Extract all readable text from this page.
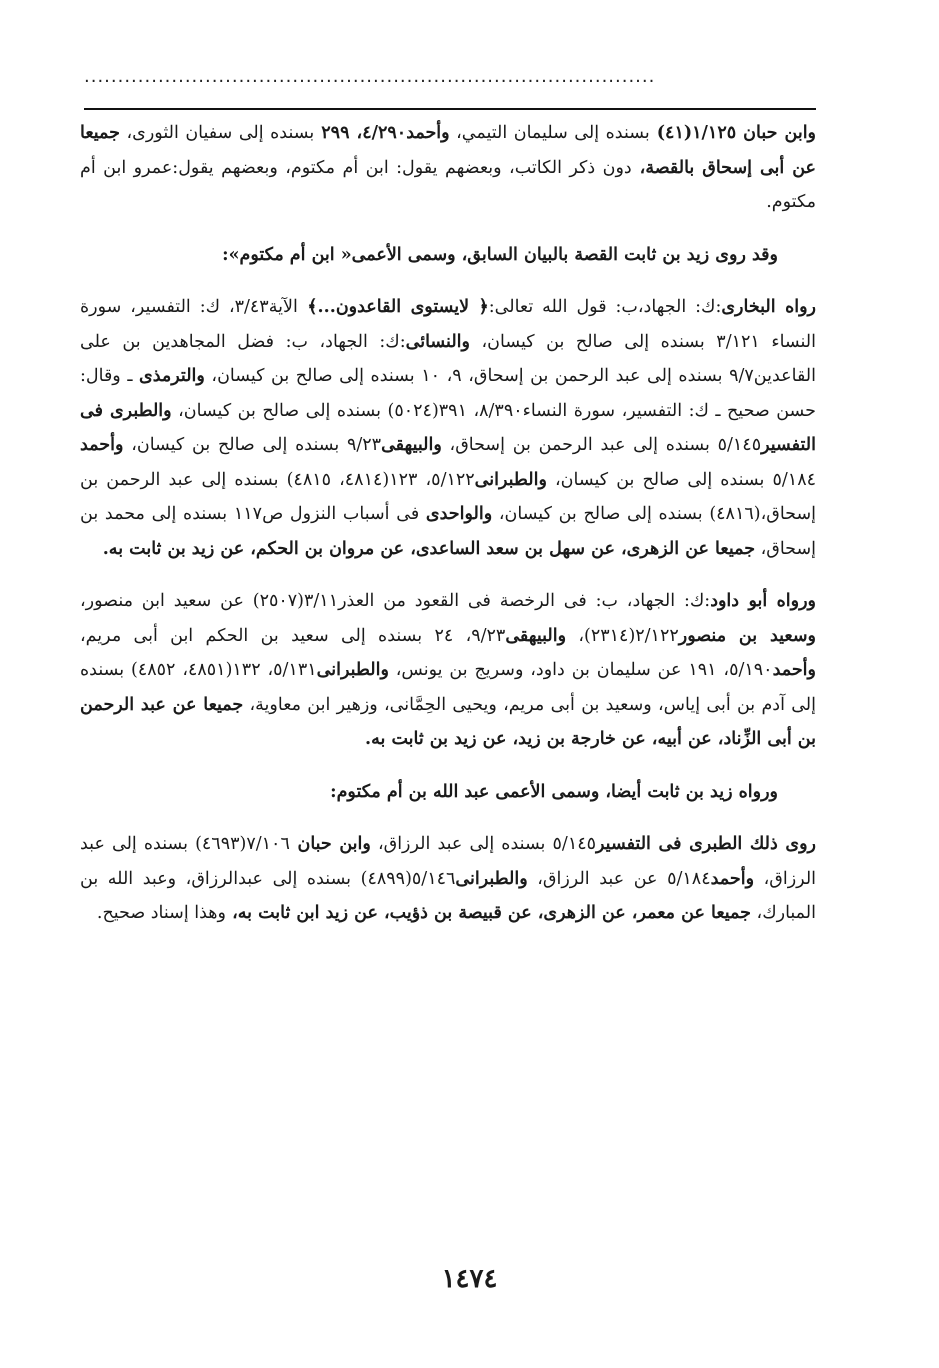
.....................................................................................

وابن حبان ١/١٢٥(٤١) بسنده إلى سليمان التيمي، وأحمد٤/٢٩٠، ٢٩٩ بسنده إلى سفيان الثورى، جميعا عن أبى إسحاق بالقصة، دون ذكر الكاتب، وبعضهم يقول: ابن أم مكتوم، وبعضهم يقول:عمرو ابن أم مكتوم.

وقد روى زيد بن ثابت القصة بالبيان السابق، وسمى الأعمى« ابن أم مكتوم»:

رواه البخارى:ك: الجهاد،ب: قول الله تعالى:﴿ لايستوى القاعدون...﴾ الآية٣/٤٣، ك: التفسير، سورة النساء ٣/١٢١ بسنده إلى صالح بن كيسان، والنسائى:ك: الجهاد، ب: فضل المجاهدين بن على القاعدين٩/٧ بسنده إلى عبد الرحمن بن إسحاق، ٩، ١٠ بسنده إلى صالح بن كيسان، والترمذى ـ وقال: حسن صحيح ـ ك: التفسير، سورة النساء٨/٣٩٠، ٣٩١(٥٠٢٤) بسنده إلى صالح بن كيسان، والطبرى فى التفسير٥/١٤٥ بسنده إلى عبد الرحمن بن إسحاق، والبيهقى٩/٢٣ بسنده إلى صالح بن كيسان، وأحمد ٥/١٨٤ بسنده إلى صالح بن كيسان، والطبرانى٥/١٢٢، ١٢٣(٤٨١٤، ٤٨١٥) بسنده إلى عبد الرحمن بن إسحاق،(٤٨١٦) بسنده إلى صالح بن كيسان، والواحدى فى أسباب النزول ص١١٧ بسنده إلى محمد بن إسحاق، جميعا عن الزهرى، عن سهل بن سعد الساعدى، عن مروان بن الحكم، عن زيد بن ثابت به.

ورواه أبو داود:ك: الجهاد، ب: فى الرخصة فى القعود من العذر٣/١١(٢٥٠٧) عن سعيد ابن منصور، وسعيد بن منصور٢/١٢٢(٢٣١٤)، والبيهقى٩/٢٣، ٢٤ بسنده إلى سعيد بن الحكم ابن أبى مريم، وأحمد٥/١٩٠، ١٩١ عن سليمان بن داود، وسريج بن يونس، والطبرانى٥/١٣١، ١٣٢(٤٨٥١، ٤٨٥٢) بسنده إلى آدم بن أبى إياس، وسعيد بن أبى مريم، ويحيى الحِمَّانى، وزهير ابن معاوية، جميعا عن عبد الرحمن بن أبى الزِّناد، عن أبيه، عن خارجة بن زيد، عن زيد بن ثابت به.

ورواه زيد بن ثابت أيضا، وسمى الأعمى عبد الله بن أم مكتوم:

روى ذلك الطبرى فى التفسير٥/١٤٥ بسنده إلى عبد الرزاق، وابن حبان ٧/١٠٦(٤٦٩٣) بسنده إلى عبد الرزاق، وأحمد٥/١٨٤ عن عبد الرزاق، والطبرانى٥/١٤٦(٤٨٩٩) بسنده إلى عبدالرزاق، وعبد الله بن المبارك، جميعا عن معمر، عن الزهرى، عن قبيصة بن ذؤيب، عن زيد ابن ثابت به، وهذا إسناد صحيح.

١٤٧٤
